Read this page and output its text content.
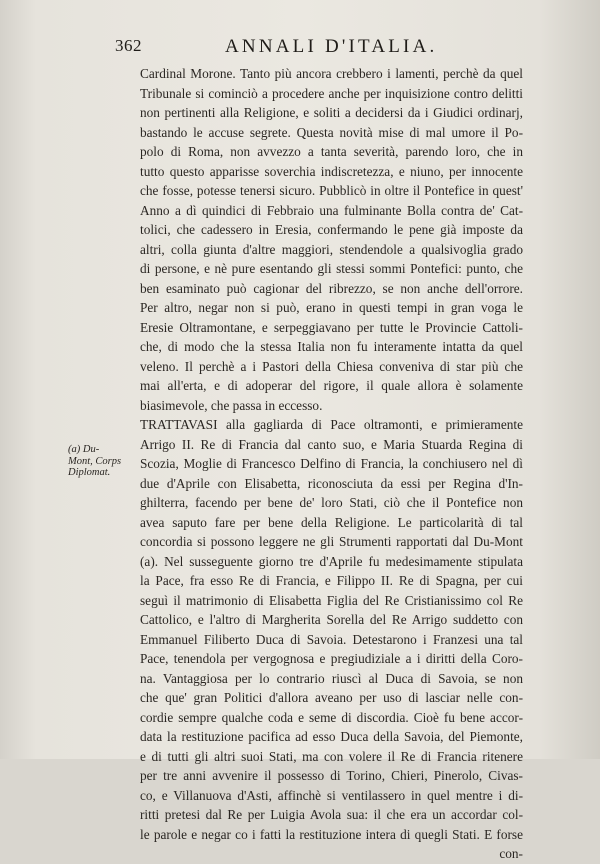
362	ANNALI D'ITALIA.
(a) Du-
Mont, Corps
Diplomat.
Cardinal Morone. Tanto più ancora crebbero i lamenti, perchè da quel
Tribunale si cominciò a procedere anche per inquisizione contro delitti
non pertinenti alla Religione, e soliti a decidersi da i Giudici ordinarj,
bastando le accuse segrete. Questa novità mise di mal umore il Po-
polo di Roma, non avvezzo a tanta severità, parendo loro, che in
tutto questo apparisse soverchia indiscretezza, e niuno, per innocente
che fosse, potesse tenersi sicuro. Pubblicò in oltre il Pontefice in quest'
Anno a dì quindici di Febbraio una fulminante Bolla contra de' Cat-
tolici, che cadessero in Eresia, confermando le pene già imposte da
altri, colla giunta d'altre maggiori, stendendole a qualsivoglia grado
di persone, e nè pure esentando gli stessi sommi Pontefici: punto, che
ben esaminato può cagionar del ribrezzo, se non anche dell'orrore.
Per altro, negar non si può, erano in questi tempi in gran voga le
Eresie Oltramontane, e serpeggiavano per tutte le Provincie Cattoli-
che, di modo che la stessa Italia non fu interamente intatta da quel
veleno. Il perchè a i Pastori della Chiesa conveniva di star più che
mai all'erta, e di adoperar del rigore, il quale allora è solamente
biasimevole, che passa in eccesso.
TRATTAVASI alla gagliarda di Pace oltramonti, e primieramente
Arrigo II. Re di Francia dal canto suo, e Maria Stuarda Regina di
Scozia, Moglie di Francesco Delfino di Francia, la conchiusero nel dì
due d'Aprile con Elisabetta, riconosciuta da essi per Regina d'In-
ghilterra, facendo per bene de' loro Stati, ciò che il Pontefice non
avea saputo fare per bene della Religione. Le particolarità di tal
concordia si possono leggere ne gli Strumenti rapportati dal Du-Mont
(a). Nel susseguente giorno tre d'Aprile fu medesimamente stipulata
la Pace, fra esso Re di Francia, e Filippo II. Re di Spagna, per cui
seguì il matrimonio di Elisabetta Figlia del Re Cristianissimo col Re
Cattolico, e l'altro di Margherita Sorella del Re Arrigo suddetto con
Emmanuel Filiberto Duca di Savoia. Detestarono i Franzesi una tal
Pace, tenendola per vergognosa e pregiudiziale a i diritti della Coro-
na. Vantaggiosa per lo contrario riuscì al Duca di Savoia, se non
che que' gran Politici d'allora aveano per uso di lasciar nelle con-
cordie sempre qualche coda e seme di discordia. Cioè fu bene accor-
data la restituzione pacifica ad esso Duca della Savoia, del Piemonte,
e di tutti gli altri suoi Stati, ma con volere il Re di Francia ritenere
per tre anni avvenire il possesso di Torino, Chieri, Pinerolo, Civas-
co, e Villanuova d'Asti, affinchè si ventilassero in quel mentre i di-
ritti pretesi dal Re per Luigia Avola sua: il che era un accordar col-
le parole e negar co i fatti la restituzione intera di quegli Stati. E forse
con-
